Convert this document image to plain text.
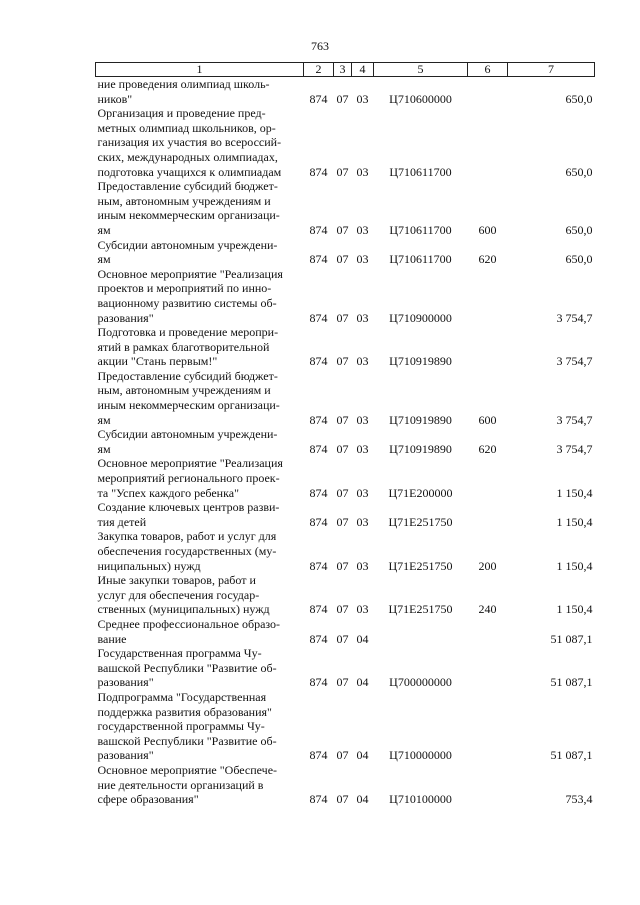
763
1	2	3	4	5	6	7
ние проведения олимпиад школь-
ников"	874	07	03	Ц710600000		650,0
Организация и проведение пред-
метных олимпиад школьников, ор-
ганизация их участия во всероссий-
ских, международных олимпиадах,
подготовка учащихся к олимпиадам	874	07	03	Ц710611700		650,0
Предоставление субсидий бюджет-
ным, автономным учреждениям и
иным некоммерческим организаци-
ям	874	07	03	Ц710611700	600	650,0
Субсидии автономным учреждени-
ям	874	07	03	Ц710611700	620	650,0
Основное мероприятие "Реализация
проектов и мероприятий по инно-
вационному развитию системы об-
разования"	874	07	03	Ц710900000		3 754,7
Подготовка и проведение меропри-
ятий в рамках благотворительной
акции "Стань первым!"	874	07	03	Ц710919890		3 754,7
Предоставление субсидий бюджет-
ным, автономным учреждениям и
иным некоммерческим организаци-
ям	874	07	03	Ц710919890	600	3 754,7
Субсидии автономным учреждени-
ям	874	07	03	Ц710919890	620	3 754,7
Основное мероприятие "Реализация
мероприятий регионального проек-
та "Успех каждого ребенка"	874	07	03	Ц71E200000		1 150,4
Создание ключевых центров разви-
тия детей	874	07	03	Ц71E251750		1 150,4
Закупка товаров, работ и услуг для
обеспечения государственных (му-
ниципальных) нужд	874	07	03	Ц71E251750	200	1 150,4
Иные закупки товаров, работ и
услуг для обеспечения государ-
ственных (муниципальных) нужд	874	07	03	Ц71E251750	240	1 150,4
Среднее профессиональное образо-
вание	874	07	04			51 087,1
Государственная программа Чу-
вашской Республики "Развитие об-
разования"	874	07	04	Ц700000000		51 087,1
Подпрограмма "Государственная
поддержка развития образования"
государственной программы Чу-
вашской Республики "Развитие об-
разования"	874	07	04	Ц710000000		51 087,1
Основное мероприятие "Обеспече-
ние деятельности организаций в
сфере образования"	874	07	04	Ц710100000		753,4
